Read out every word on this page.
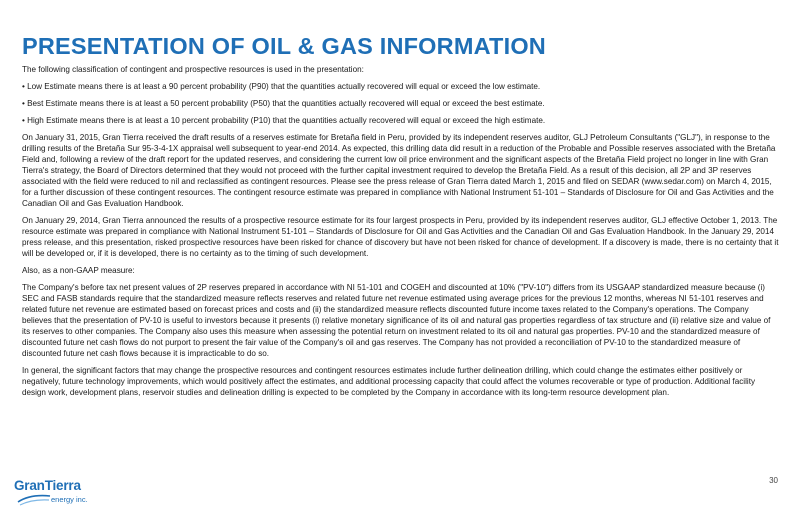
PRESENTATION OF OIL & GAS INFORMATION

The following classification of contingent and prospective resources is used in the presentation:

• Low Estimate means there is at least a 90 percent probability (P90) that the quantities actually recovered will equal or exceed the low estimate.

• Best Estimate means there is at least a 50 percent probability (P50) that the quantities actually recovered will equal or exceed the best estimate.

• High Estimate means there is at least a 10 percent probability (P10) that the quantities actually recovered will equal or exceed the high estimate.

On January 31, 2015, Gran Tierra received the draft results of a reserves estimate for Bretaña field in Peru, provided by its independent reserves auditor, GLJ Petroleum Consultants ("GLJ"), in response to the drilling results of the Bretaña Sur 95-3-4-1X appraisal well subsequent to year-end 2014. As expected, this drilling data did result in a reduction of the Probable and Possible reserves associated with the Bretaña Field and, following a review of the draft report for the updated reserves, and considering the current low oil price environment and the significant aspects of the Bretaña Field project no longer in line with Gran Tierra's strategy, the Board of Directors determined that they would not proceed with the further capital investment required to develop the Bretaña Field. As a result of this decision, all 2P and 3P reserves associated with the field were reduced to nil and reclassified as contingent resources. Please see the press release of Gran Tierra dated March 1, 2015 and filed on SEDAR (www.sedar.com) on March 4, 2015, for a further discussion of these contingent resources. The contingent resource estimate was prepared in compliance with National Instrument 51-101 – Standards of Disclosure for Oil and Gas Activities and the Canadian Oil and Gas Evaluation Handbook.

On January 29, 2014, Gran Tierra announced the results of a prospective resource estimate for its four largest prospects in Peru, provided by its independent reserves auditor, GLJ effective October 1, 2013. The resource estimate was prepared in compliance with National Instrument 51-101 – Standards of Disclosure for Oil and Gas Activities and the Canadian Oil and Gas Evaluation Handbook. In the January 29, 2014 press release, and this presentation, risked prospective resources have been risked for chance of discovery but have not been risked for chance of development. If a discovery is made, there is no certainty that it will be developed or, if it is developed, there is no certainty as to the timing of such development.

Also, as a non-GAAP measure:

The Company's before tax net present values of 2P reserves prepared in accordance with NI 51-101 and COGEH and discounted at 10% ("PV-10") differs from its USGAAP standardized measure because (i) SEC and FASB standards require that the standardized measure reflects reserves and related future net revenue estimated using average prices for the previous 12 months, whereas NI 51-101 reserves and related future net revenue are estimated based on forecast prices and costs and (ii) the standardized measure reflects discounted future income taxes related to the Company's operations. The Company believes that the presentation of PV-10 is useful to investors because it presents (i) relative monetary significance of its oil and natural gas properties regardless of tax structure and (ii) relative size and value of its reserves to other companies. The Company also uses this measure when assessing the potential return on investment related to its oil and natural gas properties. PV-10 and the standardized measure of discounted future net cash flows do not purport to present the fair value of the Company's oil and gas reserves. The Company has not provided a reconciliation of PV-10 to the standardized measure of discounted future net cash flows because it is impracticable to do so.

In general, the significant factors that may change the prospective resources and contingent resources estimates include further delineation drilling, which could change the estimates either positively or negatively, future technology improvements, which would positively affect the estimates, and additional processing capacity that could affect the volumes recoverable or type of production. Additional facility design work, development plans, reservoir studies and delineation drilling is expected to be completed by the Company in accordance with its long-term resource development plan.

30
GranTierra
energy inc.
